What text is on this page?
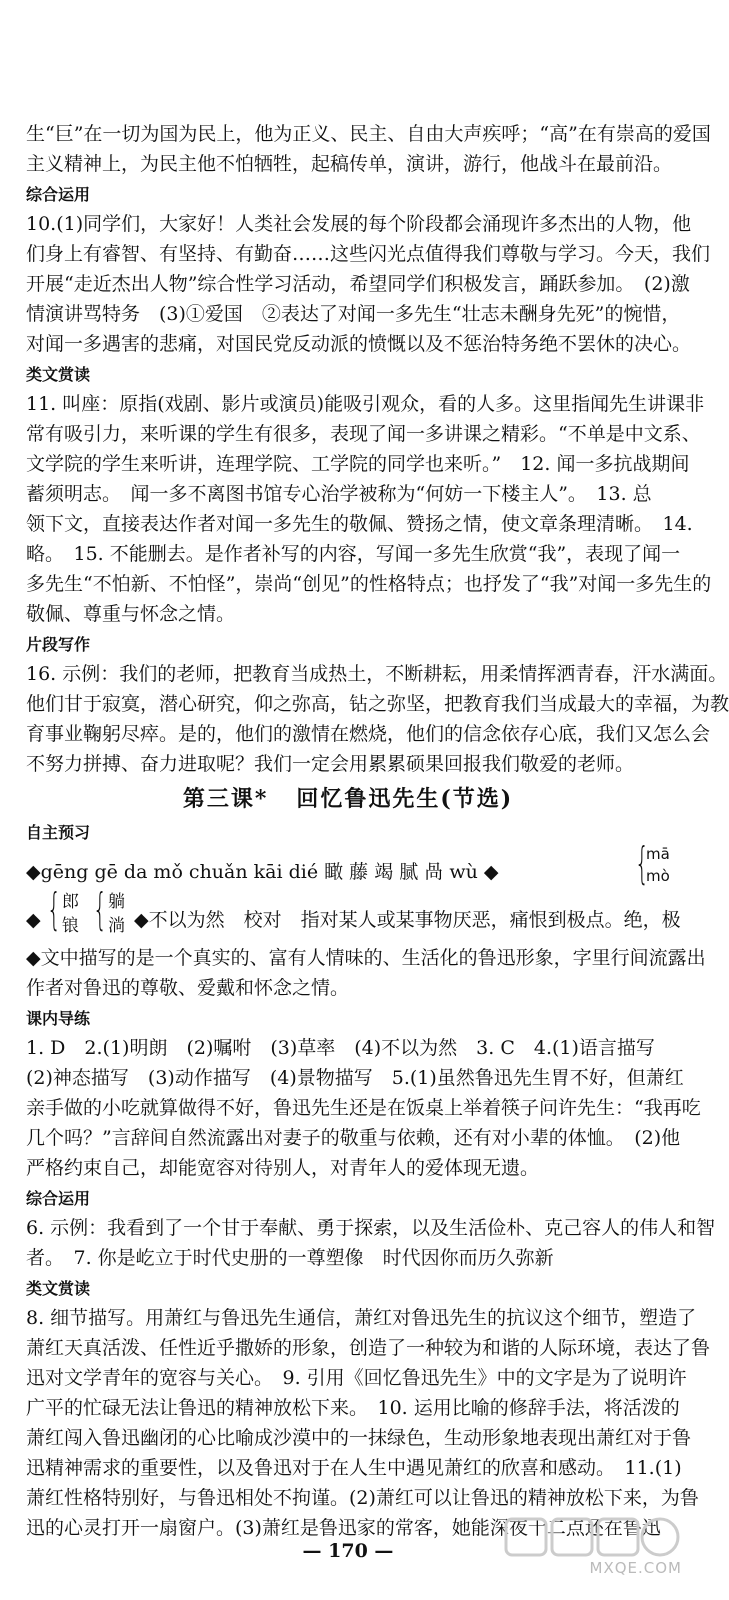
生“巨”在一切为国为民上，他为正义、民主、自由大声疾呼；“高”在有崇高的爱国
主义精神上，为民主他不怕牺牲，起稿传单，演讲，游行，他战斗在最前沿。
综合运用
10.(1)同学们，大家好！人类社会发展的每个阶段都会涌现许多杰出的人物，他
们身上有睿智、有坚持、有勤奋……这些闪光点值得我们尊敬与学习。今天，我们
开展“走近杰出人物”综合性学习活动，希望同学们积极发言，踊跃参加。　(2)激
情演讲骂特务　(3)①爱国　②表达了对闻一多先生“壮志未酬身先死”的惋惜，
对闻一多遇害的悲痛，对国民党反动派的愤慨以及不惩治特务绝不罢休的决心。
类文赏读
11. 叫座：原指(戏剧、影片或演员)能吸引观众，看的人多。这里指闻先生讲课非
常有吸引力，来听课的学生有很多，表现了闻一多讲课之精彩。“不单是中文系、
文学院的学生来听讲，连理学院、工学院的同学也来听。”　12. 闻一多抗战期间
蓄须明志。　闻一多不离图书馆专心治学被称为“何妨一下楼主人”。　13. 总
领下文，直接表达作者对闻一多先生的敬佩、赞扬之情，使文章条理清晰。　14.
略。　15. 不能删去。是作者补写的内容，写闻一多先生欣赏“我”，表现了闻一
多先生“不怕新、不怕怪”，崇尚“创见”的性格特点；也抒发了“我”对闻一多先生的
敬佩、尊重与怀念之情。
片段写作
16. 示例：我们的老师，把教育当成热土，不断耕耘，用柔情挥洒青春，汗水满面。
他们甘于寂寞，潜心研究，仰之弥高，钻之弥坚，把教育我们当成最大的幸福，为教
育事业鞠躬尽瘁。是的，他们的激情在燃烧，他们的信念依存心底，我们又怎么会
不努力拼搏、奋力进取呢？我们一定会用累累硕果回报我们敬爱的老师。
第三课* 回忆鲁迅先生(节选)
自主预习
◆gēng gē da mǒ chuǎn kāi dié 瞰 藤 竭 腻 咼 wù ◆	{
mā
mò
◆ { 郎
锒 { 躺
淌 ◆不以为然　校对　指对某人或某事物厌恶，痛恨到极点。绝，极
◆文中描写的是一个真实的、富有人情味的、生活化的鲁迅形象，字里行间流露出
作者对鲁迅的尊敬、爱戴和怀念之情。
课内导练
1. D　2.(1)明朗　(2)嘱咐　(3)草率　(4)不以为然　3. C　4.(1)语言描写
(2)神态描写　(3)动作描写　(4)景物描写　5.(1)虽然鲁迅先生胃不好，但萧红
亲手做的小吃就算做得不好，鲁迅先生还是在饭桌上举着筷子问许先生：“我再吃
几个吗？”言辞间自然流露出对妻子的敬重与依赖，还有对小辈的体恤。　(2)他
严格约束自己，却能宽容对待别人，对青年人的爱体现无遗。
综合运用
6. 示例：我看到了一个甘于奉献、勇于探索，以及生活俭朴、克己容人的伟人和智
者。　7. 你是屹立于时代史册的一尊塑像　时代因你而历久弥新
类文赏读
8. 细节描写。用萧红与鲁迅先生通信，萧红对鲁迅先生的抗议这个细节，塑造了
萧红天真活泼、任性近乎撒娇的形象，创造了一种较为和谐的人际环境，表达了鲁
迅对文学青年的宽容与关心。　9. 引用《回忆鲁迅先生》中的文字是为了说明许
广平的忙碌无法让鲁迅的精神放松下来。　10. 运用比喻的修辞手法，将活泼的
萧红闯入鲁迅幽闭的心比喻成沙漠中的一抹绿色，生动形象地表现出萧红对于鲁
迅精神需求的重要性，以及鲁迅对于在人生中遇见萧红的欣喜和感动。　11.(1)
萧红性格特别好，与鲁迅相处不拘谨。(2)萧红可以让鲁迅的精神放松下来，为鲁
迅的心灵打开一扇窗户。(3)萧红是鲁迅家的常客，她能深夜十二点还在鲁迅
— 170 —
MXQE.COM
